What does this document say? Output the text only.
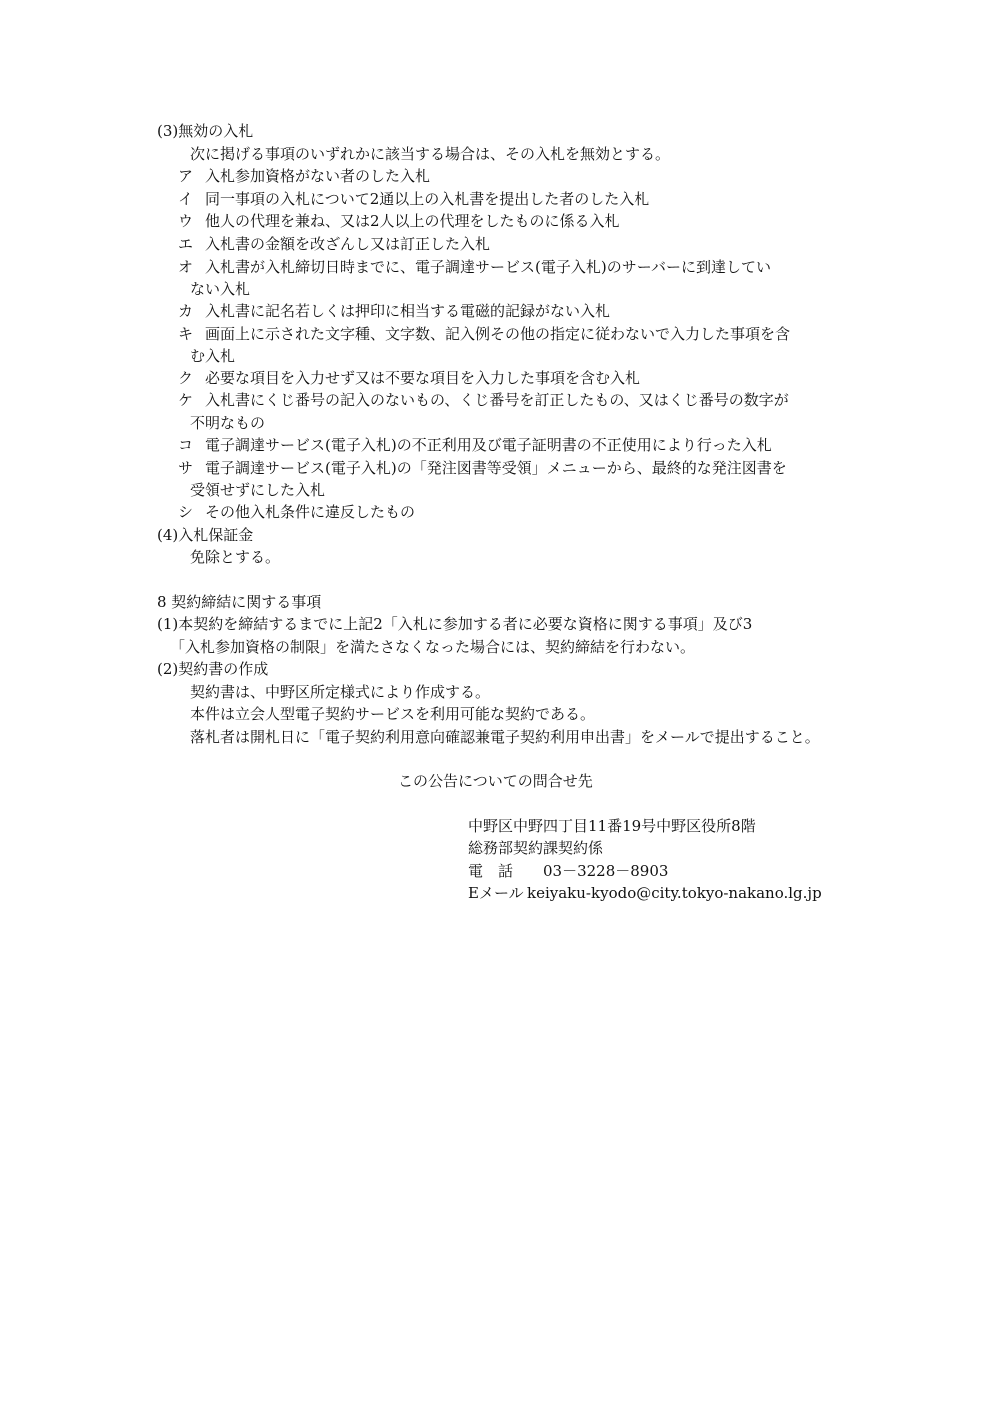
(3)無効の入札
次に掲げる事項のいずれかに該当する場合は、その入札を無効とする。
ア 入札参加資格がない者のした入札
イ 同一事項の入札について2通以上の入札書を提出した者のした入札
ウ 他人の代理を兼ね、又は2人以上の代理をしたものに係る入札
エ 入札書の金額を改ざんし又は訂正した入札
オ 入札書が入札締切日時までに、電子調達サービス(電子入札)のサーバーに到達してい
ない入札
カ 入札書に記名若しくは押印に相当する電磁的記録がない入札
キ 画面上に示された文字種、文字数、記入例その他の指定に従わないで入力した事項を含
む入札
ク 必要な項目を入力せず又は不要な項目を入力した事項を含む入札
ケ 入札書にくじ番号の記入のないもの、くじ番号を訂正したもの、又はくじ番号の数字が
不明なもの
コ 電子調達サービス(電子入札)の不正利用及び電子証明書の不正使用により行った入札
サ 電子調達サービス(電子入札)の「発注図書等受領」メニューから、最終的な発注図書を
受領せずにした入札
シ その他入札条件に違反したもの
(4)入札保証金
免除とする。
8 契約締結に関する事項
(1)本契約を締結するまでに上記2「入札に参加する者に必要な資格に関する事項」及び3
「入札参加資格の制限」を満たさなくなった場合には、契約締結を行わない。
(2)契約書の作成
契約書は、中野区所定様式により作成する。
本件は立会人型電子契約サービスを利用可能な契約である。
落札者は開札日に「電子契約利用意向確認兼電子契約利用申出書」をメールで提出すること。
この公告についての問合せ先
中野区中野四丁目11番19号中野区役所8階
総務部契約課契約係
電　話 03－3228－8903
Eメール keiyaku-kyodo@city.tokyo-nakano.lg.jp
